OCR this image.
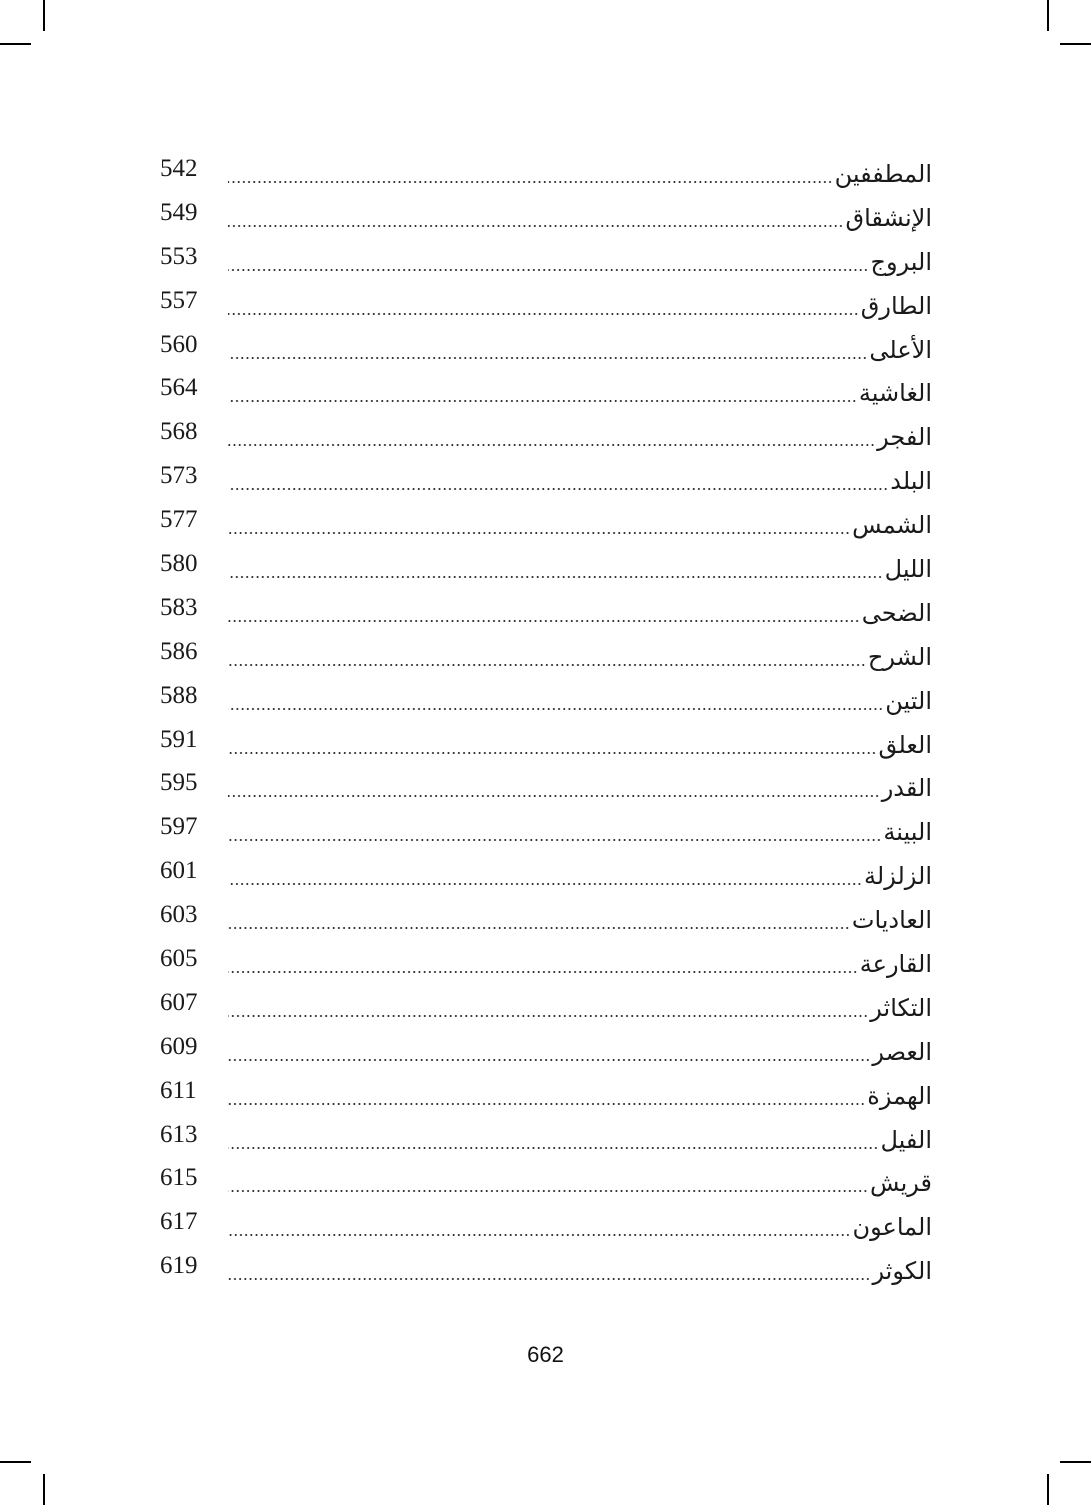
542	المطففين
549	الإنشقاق
553	البروج
557	الطارق
560	الأعلى
564	الغاشية
568	الفجر
573	البلد
577	الشمس
580	الليل
583	الضحى
586	الشرح
588	التين
591	العلق
595	القدر
597	البينة
601	الزلزلة
603	العاديات
605	القارعة
607	التكاثر
609	العصر
611	الهمزة
613	الفيل
615	قريش
617	الماعون
619	الكوثر
662
